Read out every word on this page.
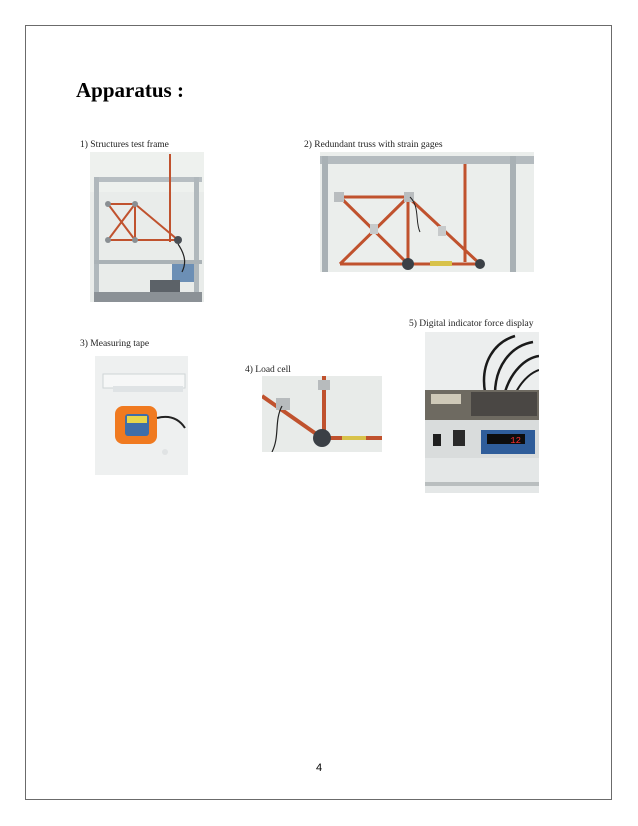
Apparatus :
1) Structures test frame	2) Redundant truss with strain gages
3) Measuring tape
4) Load cell
5) Digital indicator force display
12
4
